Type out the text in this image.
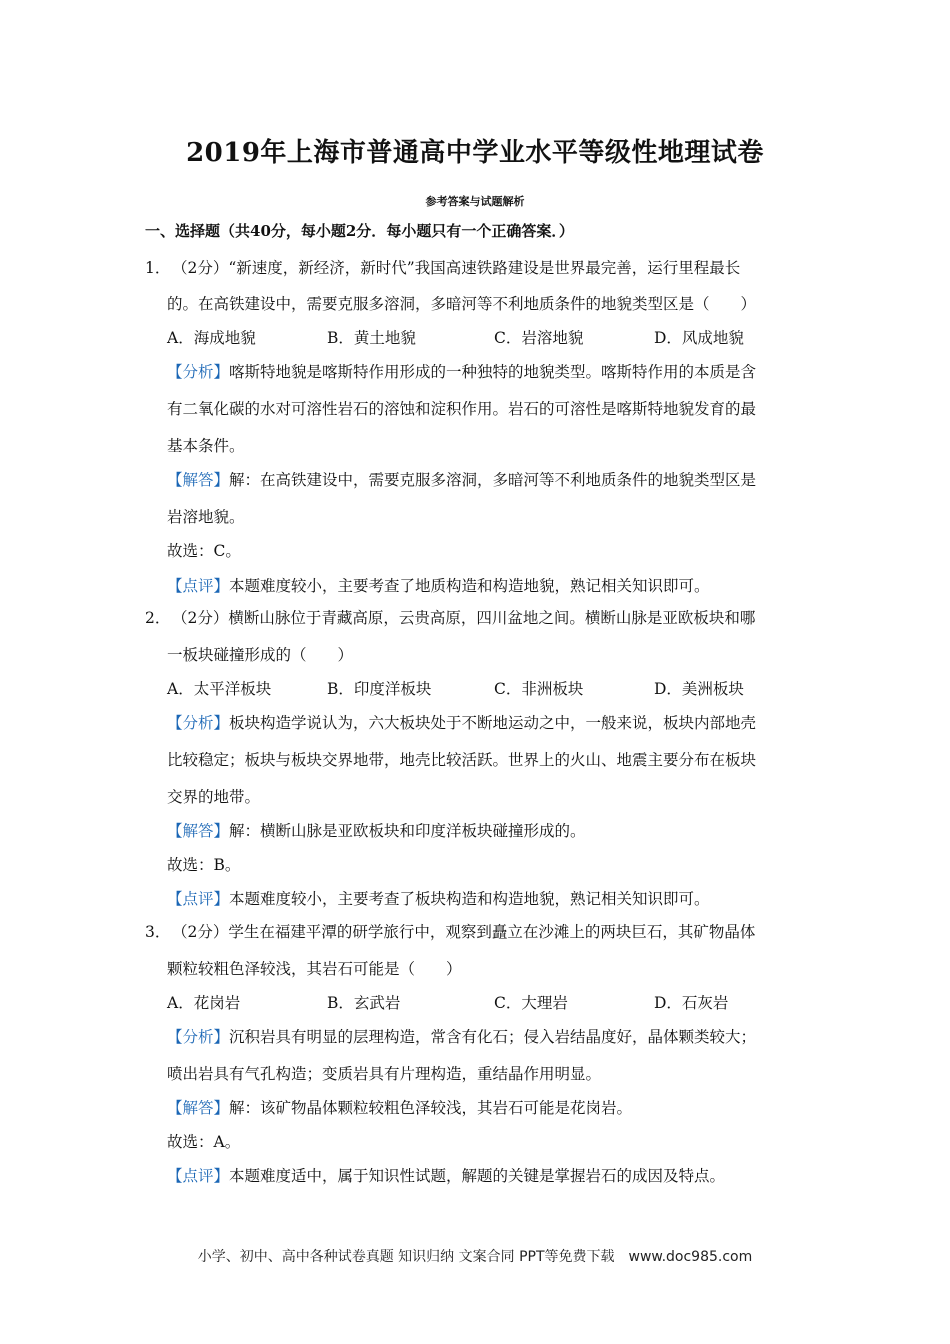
2019年上海市普通高中学业水平等级性地理试卷
参考答案与试题解析
一、选择题（共40分，每小题2分．每小题只有一个正确答案．）
1． （2分）“新速度，新经济，新时代”我国高速铁路建设是世界最完善，运行里程最长
的。在高铁建设中，需要克服多溶洞，多暗河等不利地质条件的地貌类型区是（　　）
A．海成地貌	B．黄土地貌	C．岩溶地貌	D．风成地貌
【分析】喀斯特地貌是喀斯特作用形成的一种独特的地貌类型。喀斯特作用的本质是含
有二氧化碳的水对可溶性岩石的溶蚀和淀积作用。岩石的可溶性是喀斯特地貌发育的最
基本条件。
【解答】解：在高铁建设中，需要克服多溶洞，多暗河等不利地质条件的地貌类型区是
岩溶地貌。
故选：C。
【点评】本题难度较小，主要考查了地质构造和构造地貌，熟记相关知识即可。
2． （2分）横断山脉位于青藏高原，云贵高原，四川盆地之间。横断山脉是亚欧板块和哪
一板块碰撞形成的（　　）
A．太平洋板块	B．印度洋板块	C．非洲板块	D．美洲板块
【分析】板块构造学说认为，六大板块处于不断地运动之中，一般来说，板块内部地壳
比较稳定；板块与板块交界地带，地壳比较活跃。世界上的火山、地震主要分布在板块
交界的地带。
【解答】解：横断山脉是亚欧板块和印度洋板块碰撞形成的。
故选：B。
【点评】本题难度较小，主要考查了板块构造和构造地貌，熟记相关知识即可。
3． （2分）学生在福建平潭的研学旅行中，观察到矗立在沙滩上的两块巨石，其矿物晶体
颗粒较粗色泽较浅，其岩石可能是（　　）
A．花岗岩	B．玄武岩	C．大理岩	D．石灰岩
【分析】沉积岩具有明显的层理构造，常含有化石；侵入岩结晶度好，晶体颗类较大；
喷出岩具有气孔构造；变质岩具有片理构造，重结晶作用明显。
【解答】解：该矿物晶体颗粒较粗色泽较浅，其岩石可能是花岗岩。
故选：A。
【点评】本题难度适中，属于知识性试题，解题的关键是掌握岩石的成因及特点。
小学、初中、高中各种试卷真题 知识归纳 文案合同 PPT等免费下载　www.doc985.com
